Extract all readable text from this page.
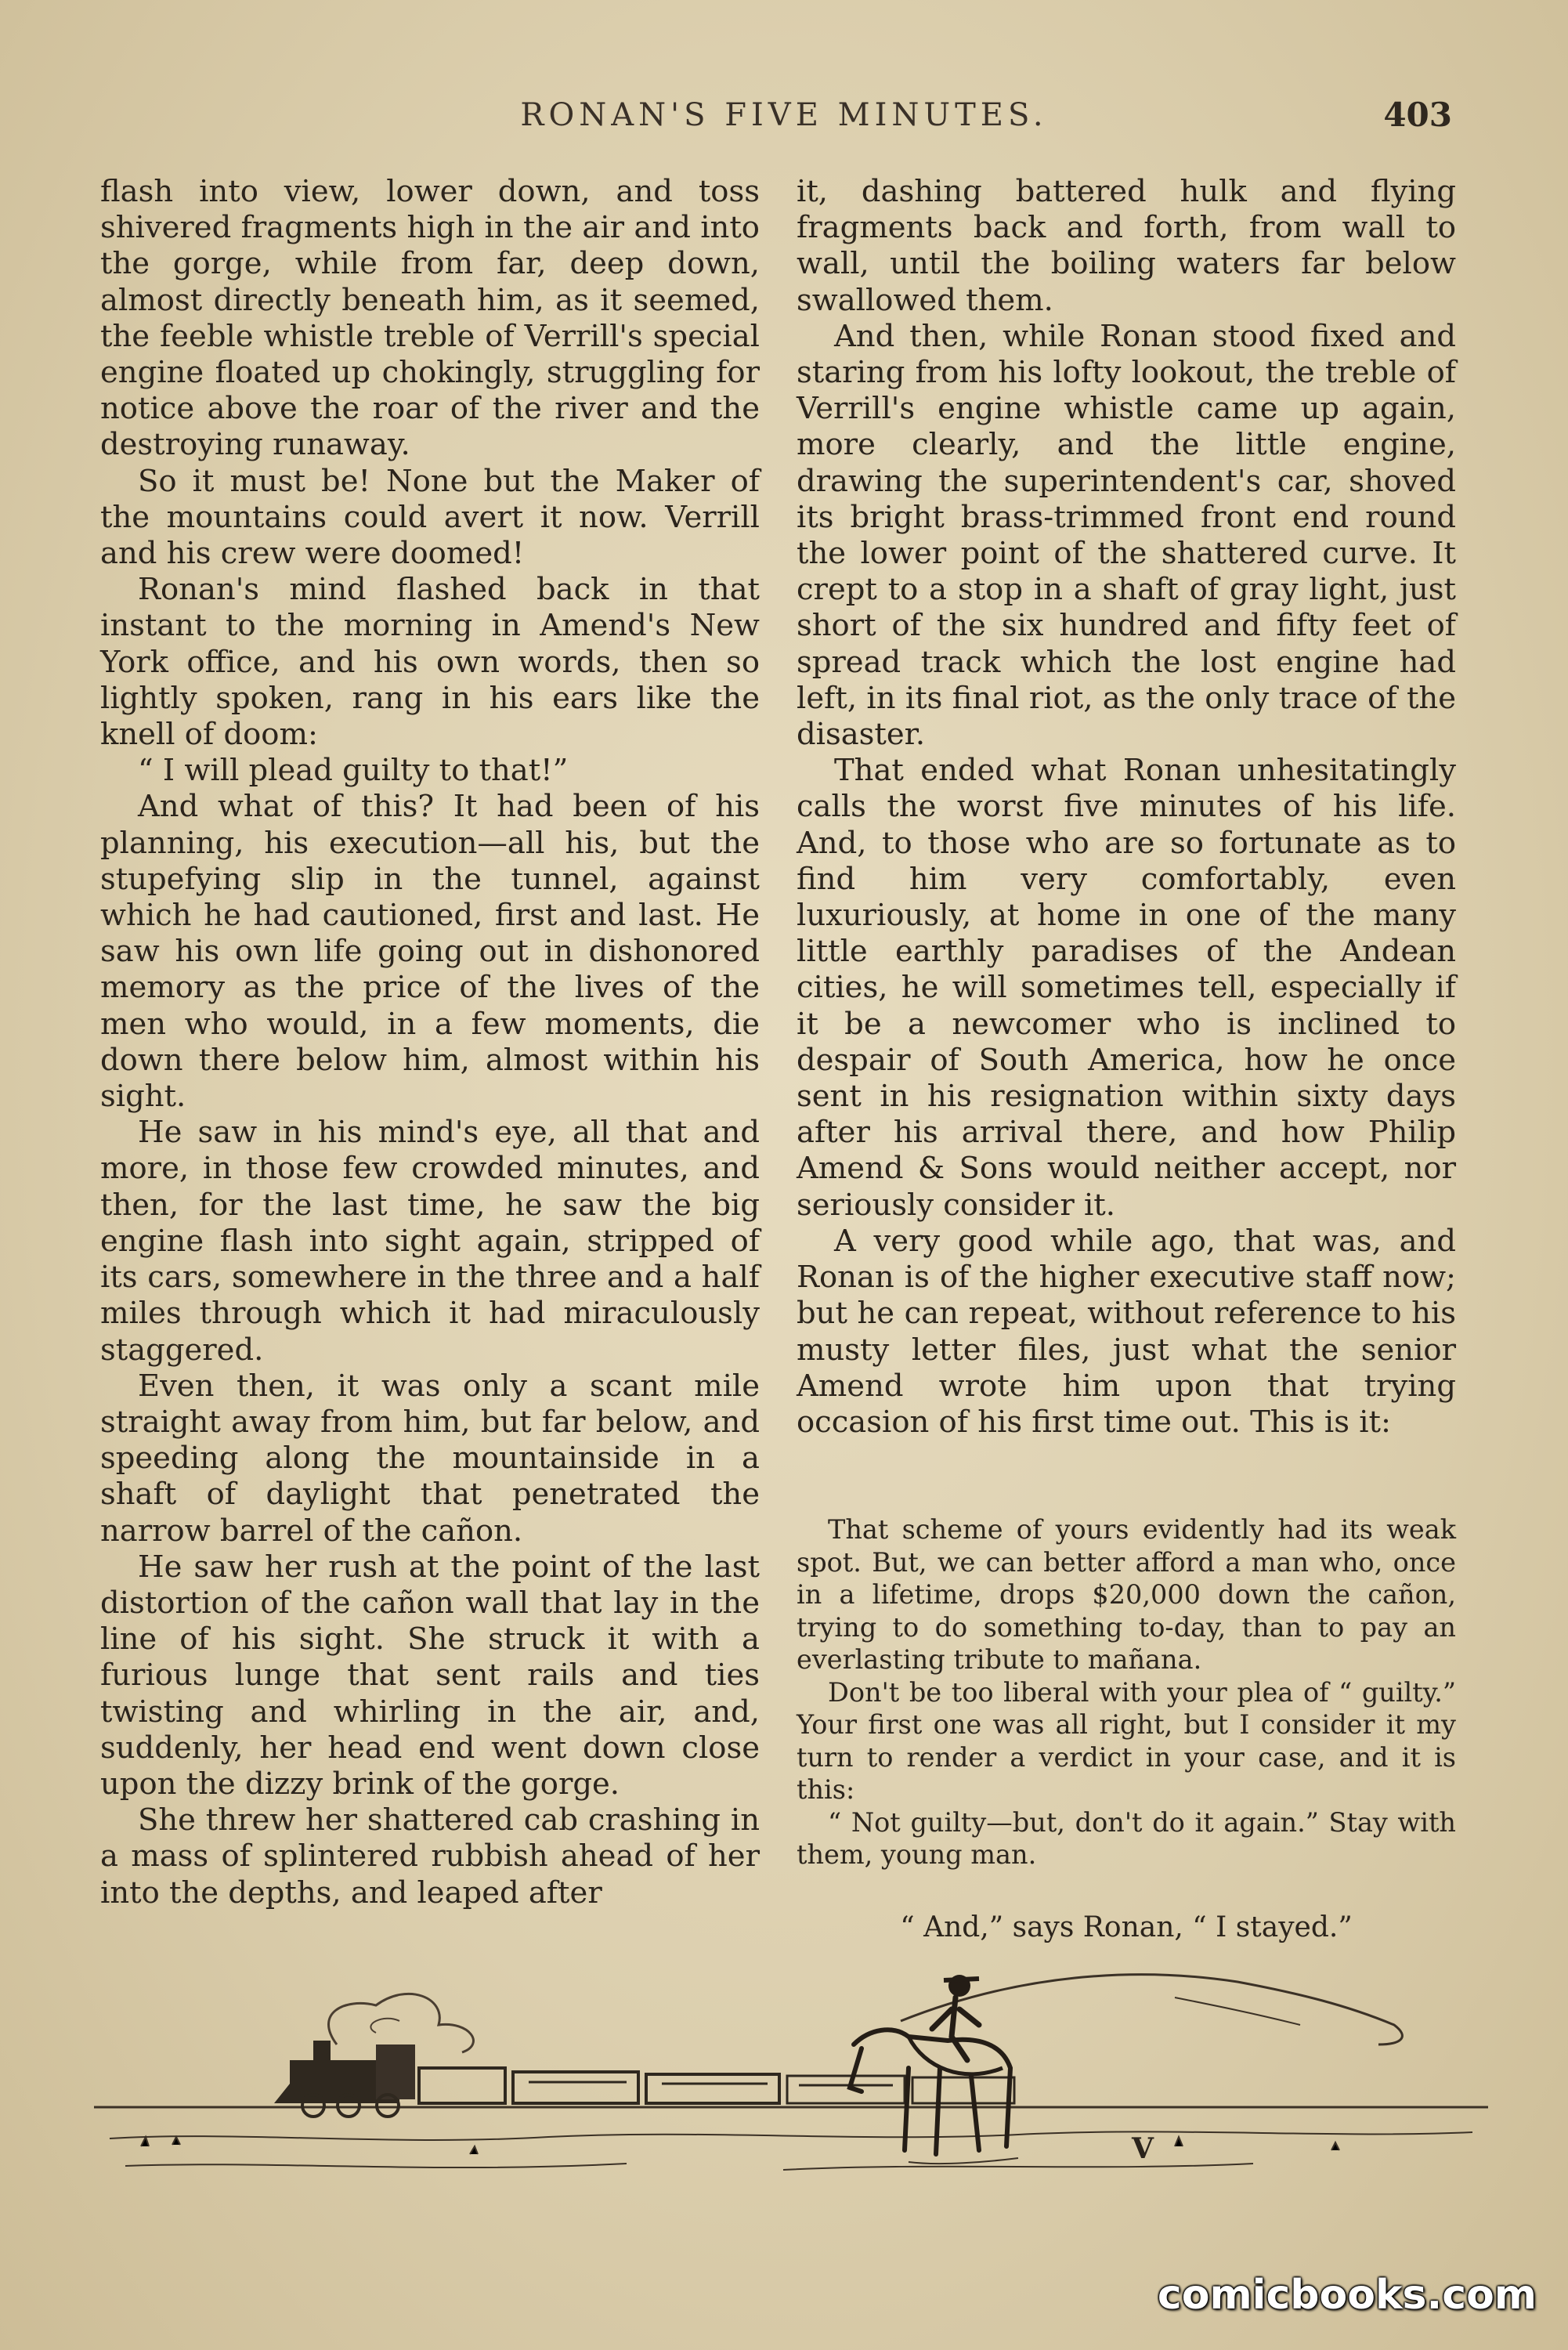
RONAN'S FIVE MINUTES.	403

flash into view, lower down, and toss shivered fragments high in the air and into the gorge, while from far, deep down, almost directly beneath him, as it seemed, the feeble whistle treble of Verrill's special engine floated up chokingly, struggling for notice above the roar of the river and the destroying runaway.

So it must be! None but the Maker of the mountains could avert it now. Verrill and his crew were doomed!

Ronan's mind flashed back in that instant to the morning in Amend's New York office, and his own words, then so lightly spoken, rang in his ears like the knell of doom:

“ I will plead guilty to that!”

And what of this? It had been of his planning, his execution—all his, but the stupefying slip in the tunnel, against which he had cautioned, first and last. He saw his own life going out in dishonored memory as the price of the lives of the men who would, in a few moments, die down there below him, almost within his sight.

He saw in his mind's eye, all that and more, in those few crowded minutes, and then, for the last time, he saw the big engine flash into sight again, stripped of its cars, somewhere in the three and a half miles through which it had miraculously staggered.

Even then, it was only a scant mile straight away from him, but far below, and speeding along the mountainside in a shaft of daylight that penetrated the narrow barrel of the cañon.

He saw her rush at the point of the last distortion of the cañon wall that lay in the line of his sight. She struck it with a furious lunge that sent rails and ties twisting and whirling in the air, and, suddenly, her head end went down close upon the dizzy brink of the gorge.

She threw her shattered cab crashing in a mass of splintered rubbish ahead of her into the depths, and leaped after

it, dashing battered hulk and flying fragments back and forth, from wall to wall, until the boiling waters far below swallowed them.

And then, while Ronan stood fixed and staring from his lofty lookout, the treble of Verrill's engine whistle came up again, more clearly, and the little engine, drawing the superintendent's car, shoved its bright brass-trimmed front end round the lower point of the shattered curve. It crept to a stop in a shaft of gray light, just short of the six hundred and fifty feet of spread track which the lost engine had left, in its final riot, as the only trace of the disaster.

That ended what Ronan unhesitatingly calls the worst five minutes of his life. And, to those who are so fortunate as to find him very comfortably, even luxuriously, at home in one of the many little earthly paradises of the Andean cities, he will sometimes tell, especially if it be a newcomer who is inclined to despair of South America, how he once sent in his resignation within sixty days after his arrival there, and how Philip Amend & Sons would neither accept, nor seriously consider it.

A very good while ago, that was, and Ronan is of the higher executive staff now; but he can repeat, without reference to his musty letter files, just what the senior Amend wrote him upon that trying occasion of his first time out. This is it:

That scheme of yours evidently had its weak spot. But, we can better afford a man who, once in a lifetime, drops $20,000 down the cañon, trying to do something to-day, than to pay an everlasting tribute to mañana.

Don't be too liberal with your plea of “ guilty.” Your first one was all right, but I consider it my turn to render a verdict in your case, and it is this:

“ Not guilty—but, don't do it again.” Stay with them, young man.

“ And,” says Ronan, “ I stayed.”
V
comicbooks.com
